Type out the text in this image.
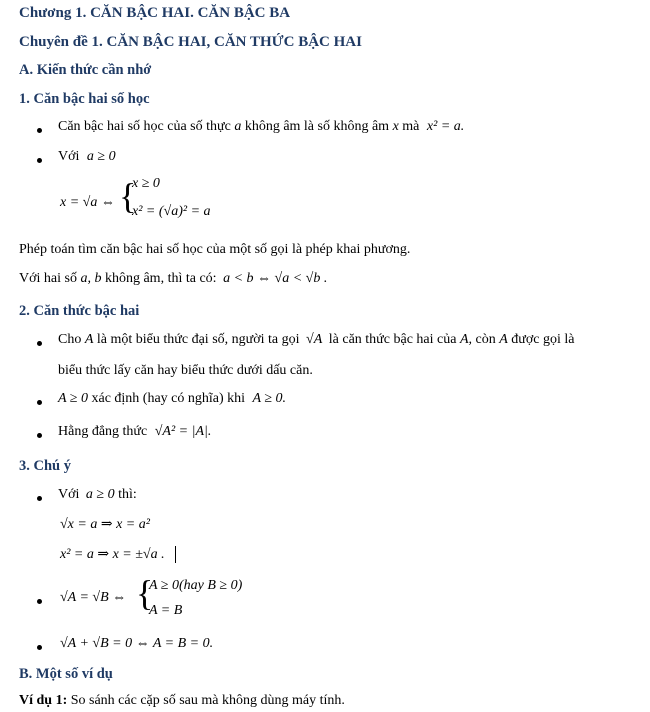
Chương 1. CĂN BẬC HAI. CĂN BẬC BA
Chuyên đề 1. CĂN BẬC HAI, CĂN THỨC BẬC HAI
A. Kiến thức cần nhớ
1. Căn bậc hai số học
Căn bậc hai số học của số thực a không âm là số không âm x mà x² = a.
Với a ≥ 0
x = √a ⇔ {
x ≥ 0
x² = (√a)² = a
Phép toán tìm căn bậc hai số học của một số gọi là phép khai phương.
Với hai số a, b không âm, thì ta có: a < b ⇔ √a < √b .
2. Căn thức bậc hai
Cho A là một biểu thức đại số, người ta gọi √A là căn thức bậc hai của A, còn A được gọi là
biểu thức lấy căn hay biểu thức dưới dấu căn.
A ≥ 0 xác định (hay có nghĩa) khi A ≥ 0.
Hằng đẳng thức √A² = |A|.
3. Chú ý
Với a ≥ 0 thì:
√x = a ⇒ x = a²
x² = a ⇒ x = ±√a .
√A = √B ⇔ {
A ≥ 0(hay B ≥ 0)
A = B
√A + √B = 0 ⇔ A = B = 0.
B. Một số ví dụ
Ví dụ 1: So sánh các cặp số sau mà không dùng máy tính.
